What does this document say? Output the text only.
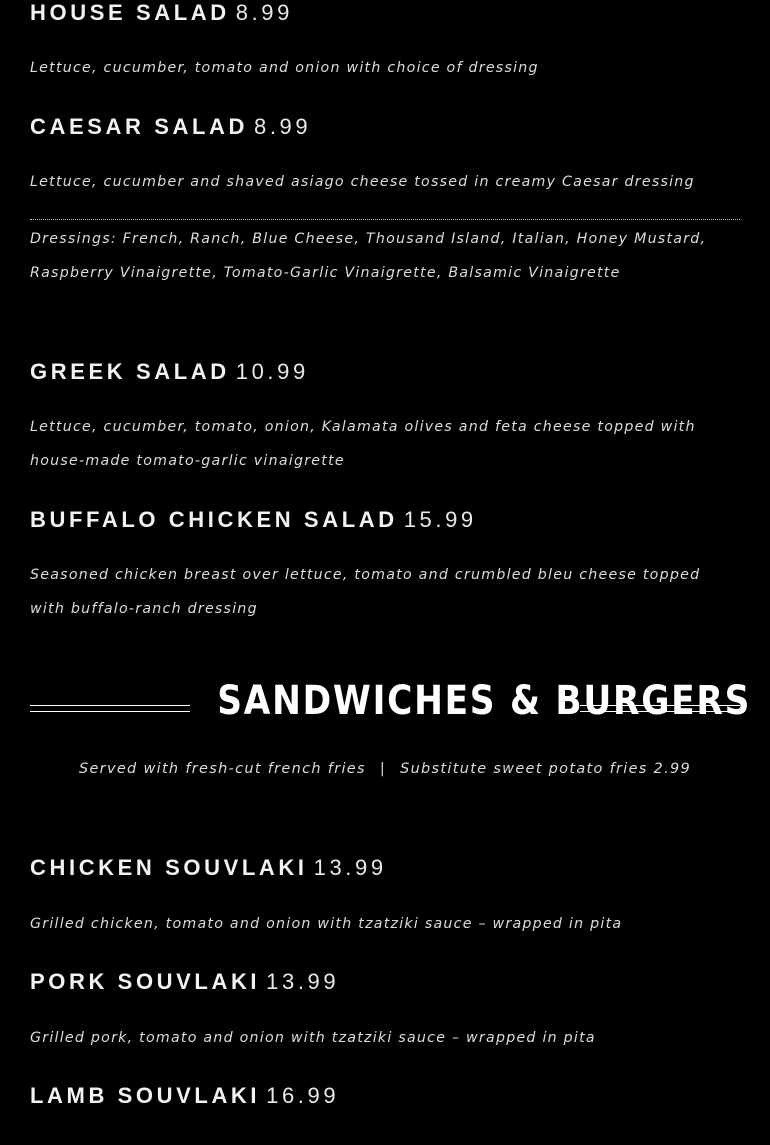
HOUSE SALAD 8.99
Lettuce, cucumber, tomato and onion with choice of dressing
CAESAR SALAD 8.99
Lettuce, cucumber and shaved asiago cheese tossed in creamy Caesar dressing
Dressings: French, Ranch, Blue Cheese, Thousand Island, Italian, Honey Mustard, Raspberry Vinaigrette, Tomato-Garlic Vinaigrette, Balsamic Vinaigrette
GREEK SALAD 10.99
Lettuce, cucumber, tomato, onion, Kalamata olives and feta cheese topped with house-made tomato-garlic vinaigrette
BUFFALO CHICKEN SALAD 15.99
Seasoned chicken breast over lettuce, tomato and crumbled bleu cheese topped with buffalo-ranch dressing
SANDWICHES & BURGERS
Served with fresh-cut french fries | Substitute sweet potato fries 2.99
CHICKEN SOUVLAKI 13.99
Grilled chicken, tomato and onion with tzatziki sauce – wrapped in pita
PORK SOUVLAKI 13.99
Grilled pork, tomato and onion with tzatziki sauce – wrapped in pita
LAMB SOUVLAKI 16.99
